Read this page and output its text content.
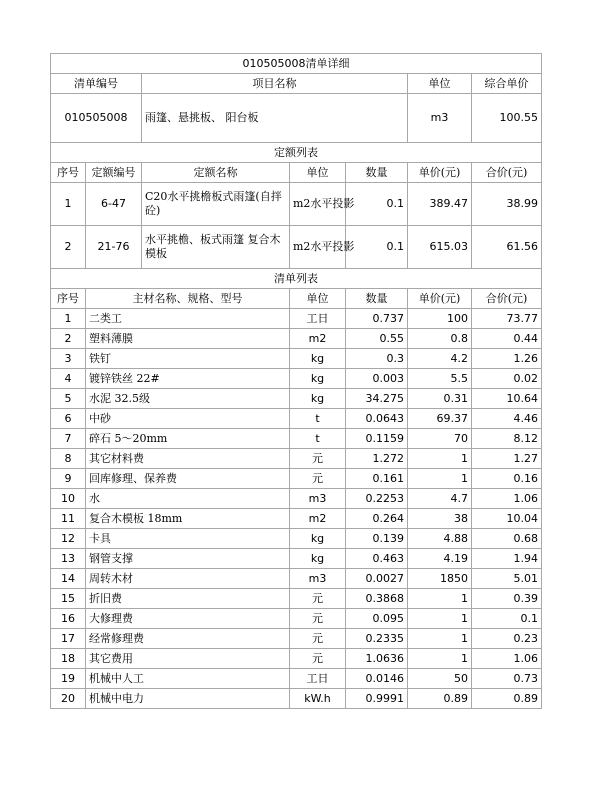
010505008清单详细						
清单编号		项目名称			单位	综合单价
010505008		雨篷、悬挑板、 阳台板			m3	100.55
定额列表						
序号	定额编号	定额名称	单位	数量	单价(元)	合价(元)
1	6-47	C20水平挑檐板式雨篷(自拌砼)	m2水平投影	0.1	389.47	38.99
2	21-76	水平挑檐、板式雨篷 复合木模板	m2水平投影	0.1	615.03	61.56
清单列表						
序号	主材名称、规格、型号		单位	数量	单价(元)	合价(元)
1	二类工		工日	0.737	100	73.77
2	塑料薄膜		m2	0.55	0.8	0.44
3	铁钉		kg	0.3	4.2	1.26
4	镀锌铁丝 22#		kg	0.003	5.5	0.02
5	水泥 32.5级		kg	34.275	0.31	10.64
6	中砂		t	0.0643	69.37	4.46
7	碎石 5～20mm		t	0.1159	70	8.12
8	其它材料费		元	1.272	1	1.27
9	回库修理、保养费		元	0.161	1	0.16
10	水		m3	0.2253	4.7	1.06
11	复合木模板 18mm		m2	0.264	38	10.04
12	卡具		kg	0.139	4.88	0.68
13	钢管支撑		kg	0.463	4.19	1.94
14	周转木材		m3	0.0027	1850	5.01
15	折旧费		元	0.3868	1	0.39
16	大修理费		元	0.095	1	0.1
17	经常修理费		元	0.2335	1	0.23
18	其它费用		元	1.0636	1	1.06
19	机械中人工		工日	0.0146	50	0.73
20	机械中电力		kW.h	0.9991	0.89	0.89
